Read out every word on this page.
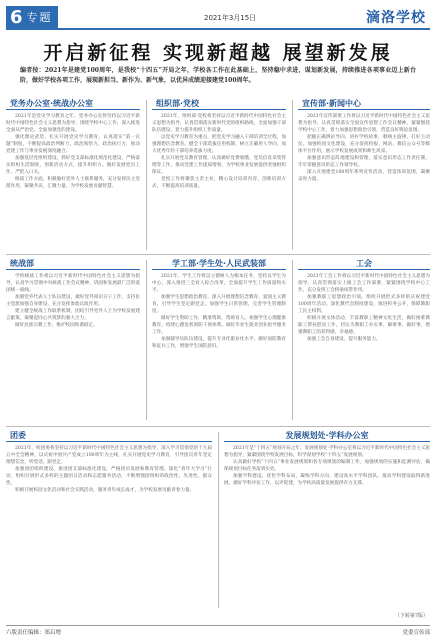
6 专题	2021年3月15日	滴洛学校
开启新征程 实现新超越 展望新发展
编者按：2021年是建党100周年，是我校“十四五”开局之年，学校各工作在此基础上，坚持稳中求进，谋划新发展，持续推进各项事业迈上新台阶，做好学校各项工作，展现新担当、新作为、新气象，以优异成绩迎接建党100周年。
党务办公室·统战办公室

2021年是党史学习教育之年，党务办公室将坚持以习近平新时代中国特色社会主义思想为指导，围绕学校中心工作，深入推进全面从严治党，全面加强党的建设。

强化理论武装，扎实开展党史学习教育，认真落实“第一议题”制度，不断提高政治判断力、政治领悟力、政治执行力，推动党建工作与事业发展深度融合。

加强基层党组织建设，抓好党支部标准化规范化建设，严格落实组织生活制度，创新活动方式，提升组织力。做好发展党员工作，严把入口关。

统战工作方面，积极做好党外人士联系服务，充分发挥民主党派作用，凝聚共识，汇聚力量，为学校发展贡献智慧。

组织部·党校

2021年，组织部·党校将坚持以习近平新时代中国特色社会主义思想为指导，认真贯彻落实新时代党的组织路线，全面加强干部队伍建设，着力提升组织工作质量。

以党史学习教育为重点，把党史学习融入干部培训全过程，加强理想信念教育。健全干部选拔任用机制，树立正确用人导向，加大优秀年轻干部培养选拔力度。

扎实开展党员教育管理，认真做好党费收缴、党员信息采集管理等工作，推动党建工作提质增效，为学校事业发展提供坚强组织保证。

党校工作将聚焦主责主业，精心设计培训内容，创新培训方式，不断提高培训质量。

宣传部·新闻中心

2021年宣传部要工作将以习近平新时代中国特色社会主义思想为指导，认真贯彻落实全国宣传思想工作会议精神，紧紧围绕学校中心工作，着力加强思想政治引领，营造良好舆论氛围。

把握正确舆论导向，讲好学校故事，唱响主旋律，打好主动仗。加强校园文化建设，充分发挥校报、网站、微信公众号等媒体平台作用，展示学校发展成果和师生风采。

加强意识形态阵地建设和管理，落实意识形态工作责任制，牢牢掌握意识形态工作领导权。

深入开展建党100周年系列宣传活动，营造浓厚氛围，凝聚奋进力量。

统战部

学校统战工作将以习近平新时代中国特色社会主义思想为指导，认真学习贯彻中央统战工作会议精神，巩固和发展最广泛的爱国统一战线。

加强党外代表人士队伍建设，做好党外知识分子工作，支持民主党派加强自身建设，充分发挥参政议政作用。

建立健全统战工作联系机制，团结引导党外人士为学校发展建言献策，凝聚起同心共筑梦的强大合力。

做好民族宗教工作，维护校园和谐稳定。

学工部·学生处·人民武装部

2021年，学生工作将以立德树人为根本任务，坚持以学生为中心，深入推进三全育人综合改革，全面提升学生工作质量和水平。

加强学生思想政治教育，深入开展理想信念教育、爱国主义教育，引导学生坚定跟党走。加强学生日常管理，完善学生管理制度。

做好学生资助工作，精准资助，资助育人。加强学生心理健康教育，构建心理危机预防干预体系。做好毕业生就业创业指导服务工作。

加强辅导员队伍建设，提升专业化职业化水平。做好国防教育和征兵工作，增强学生国防意识。

工会

2021年工会工作将以习近平新时代中国特色社会主义思想为指导，认真贯彻落实上级工会工作部署，紧紧围绕学校中心工作，充分发挥工会桥梁纽带作用。

加强教职工思想政治引领，组织开展形式多样的庆祝建党100周年活动。深化教代会制度建设，推进校务公开，保障教职工民主权利。

积极开展文体活动，丰富教职工精神文化生活，做好困难教职工帮扶慰问工作，切实为教职工办实事、解难事、做好事，增强教职工的获得感、幸福感。

加强工会自身建设，提升服务能力。

团委

2021年，校团委将坚持以习近平新时代中国特色社会主义思想为指导，深入学习贯彻党的十九届五中全会精神，以庆祝中国共产党成立100周年为主线，扎实开展党史学习教育，引导团员青年坚定理想信念，听党话、跟党走。

加强团的组织建设，推进团支部标准化建设，严格团员发展和教育管理。深化“青年大学习”行动，组织开展形式多样的主题团日活动和志愿服务活动，不断增强团组织的政治性、先进性、群众性。

积极开展校园文化活动和社会实践活动，服务青年成长成才，为学校发展贡献青春力量。

发展规划处·学科办公室

2021年是“十四五”规划开局之年，发展规划处·学科办公室将以习近平新时代中国特色社会主义思想为指导，紧紧围绕学校发展目标，科学谋划学校“十四五”发展规划。

认真做好学校“十四五”事业发展规划和各专项规划的编制工作，加强规划的实施和监测评估，确保规划目标任务落到实处。

加强学科建设，优化学科布局，凝练学科方向，建设高水平学科团队，推动学科建设取得新进展。做好学科评估工作，以评促建，为学校高质量发展提供有力支撑。

（下转第7版）
六版责任编辑：郑启增	党委宣传部
